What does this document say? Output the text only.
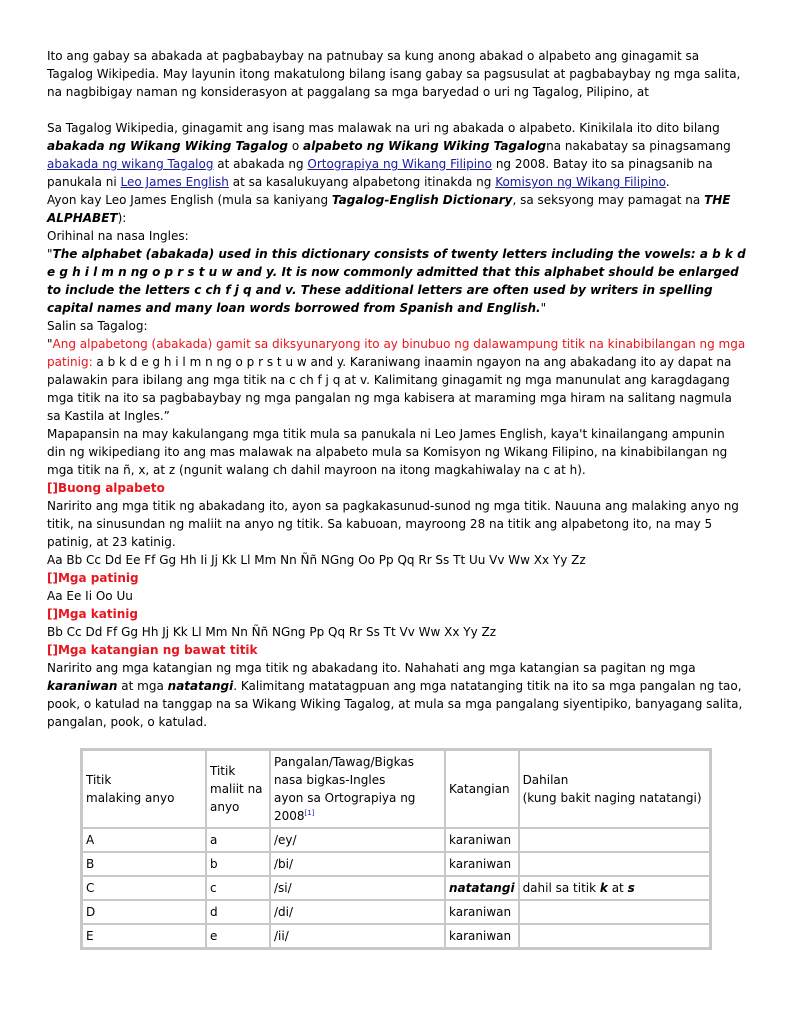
Ito ang gabay sa abakada at pagbabaybay na patnubay sa kung anong abakad o alpabeto ang ginagamit sa Tagalog Wikipedia. May layunin itong makatulong bilang isang gabay sa pagsusulat at pagbabaybay ng mga salita, na nagbibigay naman ng konsiderasyon at paggalang sa mga baryedad o uri ng Tagalog, Pilipino, at

Sa Tagalog Wikipedia, ginagamit ang isang mas malawak na uri ng abakada o alpabeto. Kinikilala ito dito bilang abakada ng Wikang Wiking Tagalog o alpabeto ng Wikang Wiking Tagalogna nakabatay sa pinagsamang abakada ng wikang Tagalog at abakada ng Ortograpiya ng Wikang Filipino ng 2008. Batay ito sa pinagsanib na panukala ni Leo James English at sa kasalukuyang alpabetong itinakda ng Komisyon ng Wikang Filipino.

Ayon kay Leo James English (mula sa kaniyang Tagalog-English Dictionary, sa seksyong may pamagat na THE ALPHABET):

Orihinal na nasa Ingles:

"The alphabet (abakada) used in this dictionary consists of twenty letters including the vowels: a b k d e g h i l m n ng o p r s t u w and y. It is now commonly admitted that this alphabet should be enlarged to include the letters c ch f j q and v. These additional letters are often used by writers in spelling capital names and many loan words borrowed from Spanish and English."

Salin sa Tagalog:

"Ang alpabetong (abakada) gamit sa diksyunaryong ito ay binubuo ng dalawampung titik na kinabibilangan ng mga patinig: a b k d e g h i l m n ng o p r s t u w and y. Karaniwang inaamin ngayon na ang abakadang ito ay dapat na palawakin para ibilang ang mga titik na c ch f j q at v. Kalimitang ginagamit ng mga manunulat ang karagdagang mga titik na ito sa pagbabaybay ng mga pangalan ng mga kabisera at maraming mga hiram na salitang nagmula sa Kastila at Ingles.”

Mapapansin na may kakulangang mga titik mula sa panukala ni Leo James English, kaya't kinailangang ampunin din ng wikipediang ito ang mas malawak na alpabeto mula sa Komisyon ng Wikang Filipino, na kinabibilangan ng mga titik na ñ, x, at z (ngunit walang ch dahil mayroon na itong magkahiwalay na c at h).

[]Buong alpabeto

Naririto ang mga titik ng abakadang ito, ayon sa pagkakasunud-sunod ng mga titik. Nauuna ang malaking anyo ng titik, na sinusundan ng maliit na anyo ng titik. Sa kabuoan, mayroong 28 na titik ang alpabetong ito, na may 5 patinig, at 23 katinig.

Aa Bb Cc Dd Ee Ff Gg Hh Ii Jj Kk Ll Mm Nn Ññ NGng Oo Pp Qq Rr Ss Tt Uu Vv Ww Xx Yy Zz

[]Mga patinig

Aa Ee Ii Oo Uu

[]Mga katinig

Bb Cc Dd Ff Gg Hh Jj Kk Ll Mm Nn Ññ NGng Pp Qq Rr Ss Tt Vv Ww Xx Yy Zz

[]Mga katangian ng bawat titik

Naririto ang mga katangian ng mga titik ng abakadang ito. Nahahati ang mga katangian sa pagitan ng mga karaniwan at mga natatangi. Kalimitang matatagpuan ang mga natatanging titik na ito sa mga pangalan ng tao, pook, o katulad na tanggap na sa Wikang Wiking Tagalog, at mula sa mga pangalang siyentipiko, banyagang salita, pangalan, pook, o katulad.

Titik
malaking anyo	Titik
maliit na
anyo	Pangalan/Tawag/Bigkas
nasa bigkas-Ingles
ayon sa Ortograpiya ng
2008[1]	Katangian	Dahilan
(kung bakit naging natatangi)
A	a	/ey/	karaniwan	
B	b	/bi/	karaniwan	
C	c	/si/	natatangi	dahil sa titik k at s
D	d	/di/	karaniwan	
E	e	/ii/	karaniwan	
